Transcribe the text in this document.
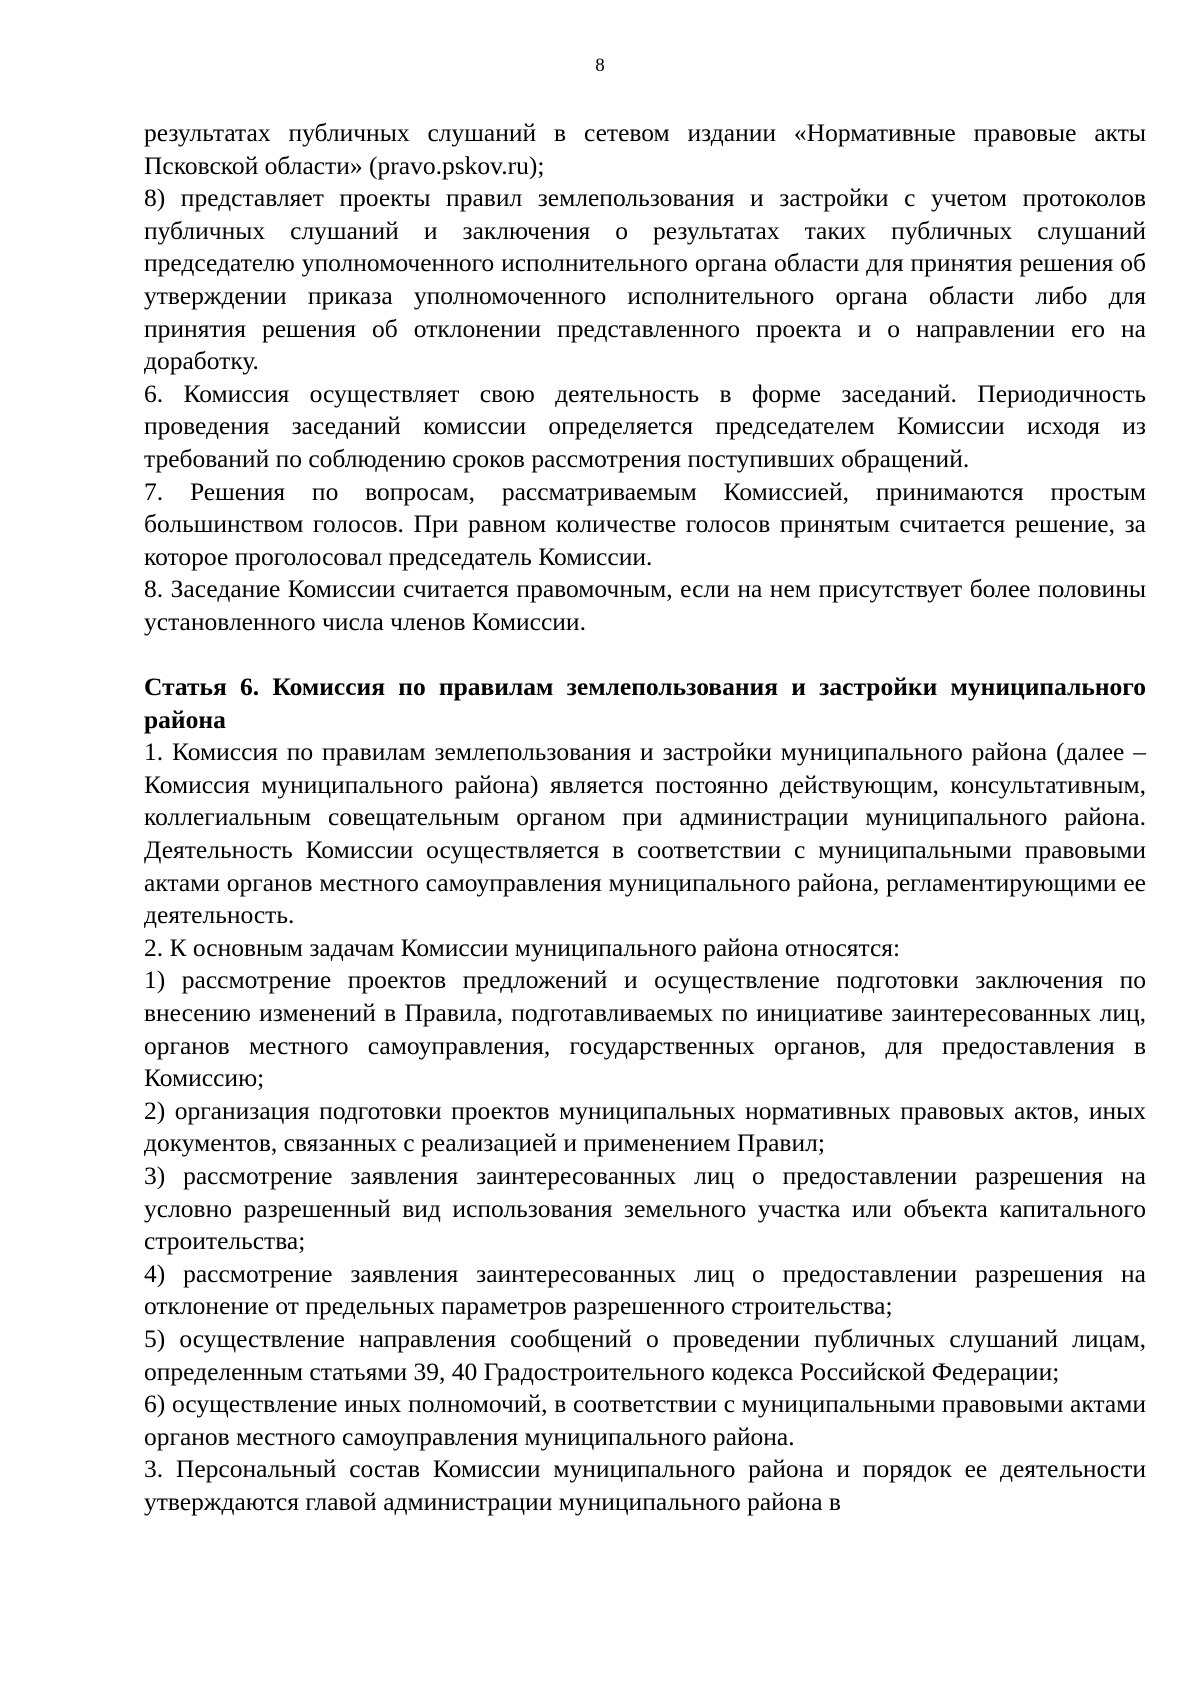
8

результатах публичных слушаний в сетевом издании «Нормативные правовые акты Псковской области» (pravo.pskov.ru);

8) представляет проекты правил землепользования и застройки с учетом протоколов публичных слушаний и заключения о результатах таких публичных слушаний председателю уполномоченного исполнительного органа области для принятия решения об утверждении приказа уполномоченного исполнительного органа области либо для принятия решения об отклонении представленного проекта и о направлении его на доработку.

6. Комиссия осуществляет свою деятельность в форме заседаний. Периодичность проведения заседаний комиссии определяется председателем Комиссии исходя из требований по соблюдению сроков рассмотрения поступивших обращений.

7. Решения по вопросам, рассматриваемым Комиссией, принимаются простым большинством голосов. При равном количестве голосов принятым считается решение, за которое проголосовал председатель Комиссии.

8. Заседание Комиссии считается правомочным, если на нем присутствует более половины установленного числа членов Комиссии.

Статья 6. Комиссия по правилам землепользования и застройки муниципального района

1. Комиссия по правилам землепользования и застройки муниципального района (далее – Комиссия муниципального района) является постоянно действующим, консультативным, коллегиальным совещательным органом при администрации муниципального района. Деятельность Комиссии осуществляется в соответствии с муниципальными правовыми актами органов местного самоуправления муниципального района, регламентирующими ее деятельность.

2. К основным задачам Комиссии муниципального района относятся:

1) рассмотрение проектов предложений и осуществление подготовки заключения по внесению изменений в Правила, подготавливаемых по инициативе заинтересованных лиц, органов местного самоуправления, государственных органов, для предоставления в Комиссию;

2) организация подготовки проектов муниципальных нормативных правовых актов, иных документов, связанных с реализацией и применением Правил;

3) рассмотрение заявления заинтересованных лиц о предоставлении разрешения на условно разрешенный вид использования земельного участка или объекта капитального строительства;

4) рассмотрение заявления заинтересованных лиц о предоставлении разрешения на отклонение от предельных параметров разрешенного строительства;

5) осуществление направления сообщений о проведении публичных слушаний лицам, определенным статьями 39, 40 Градостроительного кодекса Российской Федерации;

6) осуществление иных полномочий, в соответствии с муниципальными правовыми актами органов местного самоуправления муниципального района.

3. Персональный состав Комиссии муниципального района и порядок ее деятельности утверждаются главой администрации муниципального района в
